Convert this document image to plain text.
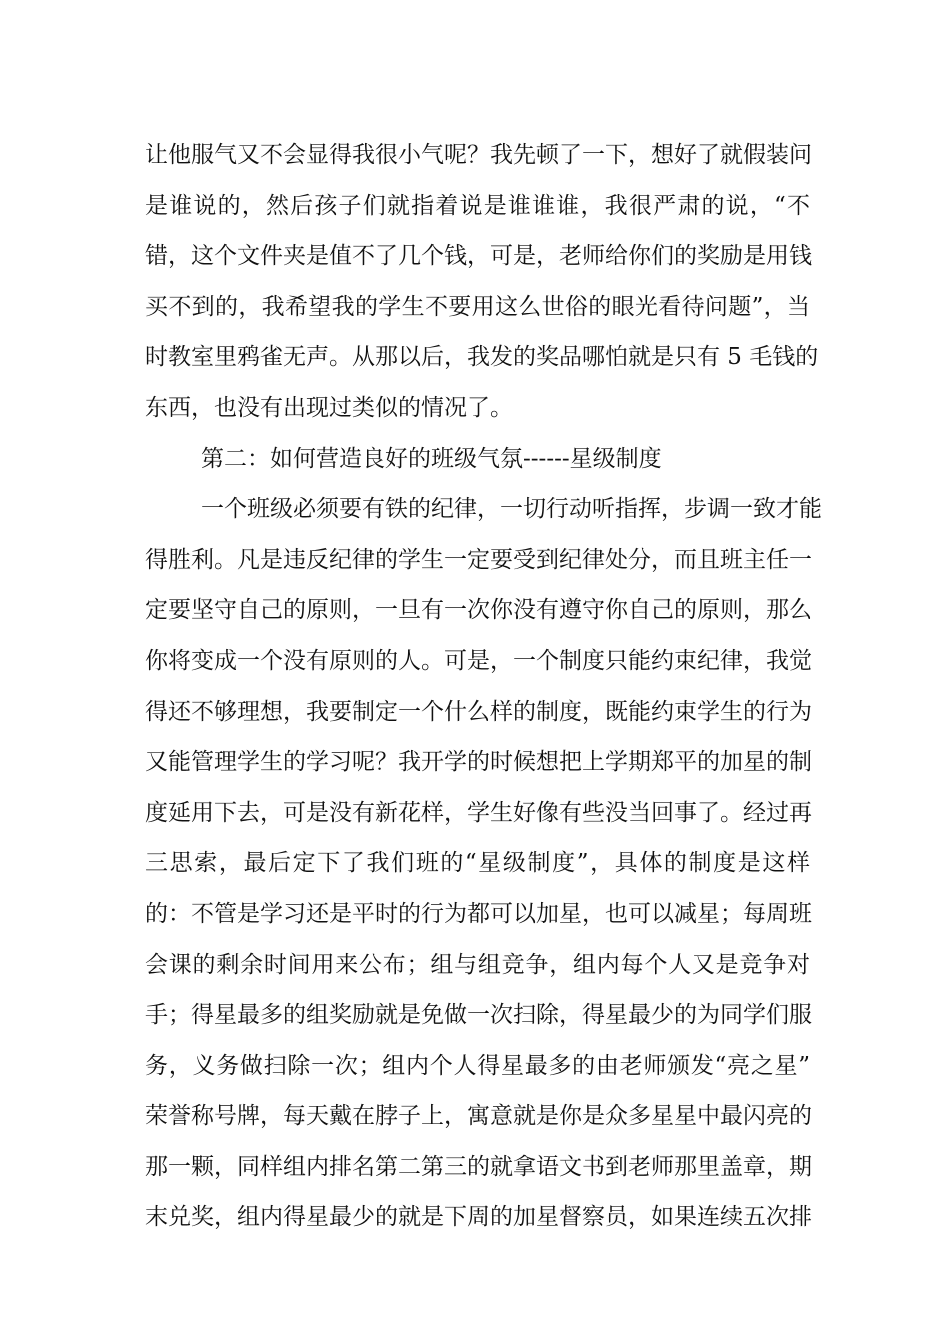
让他服气又不会显得我很小气呢？我先顿了一下，想好了就假装问
是谁说的，然后孩子们就指着说是谁谁谁，我很严肃的说，“不
错，这个文件夹是值不了几个钱，可是，老师给你们的奖励是用钱
买不到的，我希望我的学生不要用这么世俗的眼光看待问题”，当
时教室里鸦雀无声。从那以后，我发的奖品哪怕就是只有 5 毛钱的
东西，也没有出现过类似的情况了。
第二：如何营造良好的班级气氛------星级制度
一个班级必须要有铁的纪律，一切行动听指挥，步调一致才能
得胜利。凡是违反纪律的学生一定要受到纪律处分，而且班主任一
定要坚守自己的原则，一旦有一次你没有遵守你自己的原则，那么
你将变成一个没有原则的人。可是，一个制度只能约束纪律，我觉
得还不够理想，我要制定一个什么样的制度，既能约束学生的行为
又能管理学生的学习呢？我开学的时候想把上学期郑平的加星的制
度延用下去，可是没有新花样，学生好像有些没当回事了。经过再
三思索，最后定下了我们班的“星级制度”，具体的制度是这样
的：不管是学习还是平时的行为都可以加星，也可以减星；每周班
会课的剩余时间用来公布；组与组竞争，组内每个人又是竞争对
手；得星最多的组奖励就是免做一次扫除，得星最少的为同学们服
务，义务做扫除一次；组内个人得星最多的由老师颁发“亮之星”
荣誉称号牌，每天戴在脖子上，寓意就是你是众多星星中最闪亮的
那一颗，同样组内排名第二第三的就拿语文书到老师那里盖章，期
末兑奖，组内得星最少的就是下周的加星督察员，如果连续五次排
